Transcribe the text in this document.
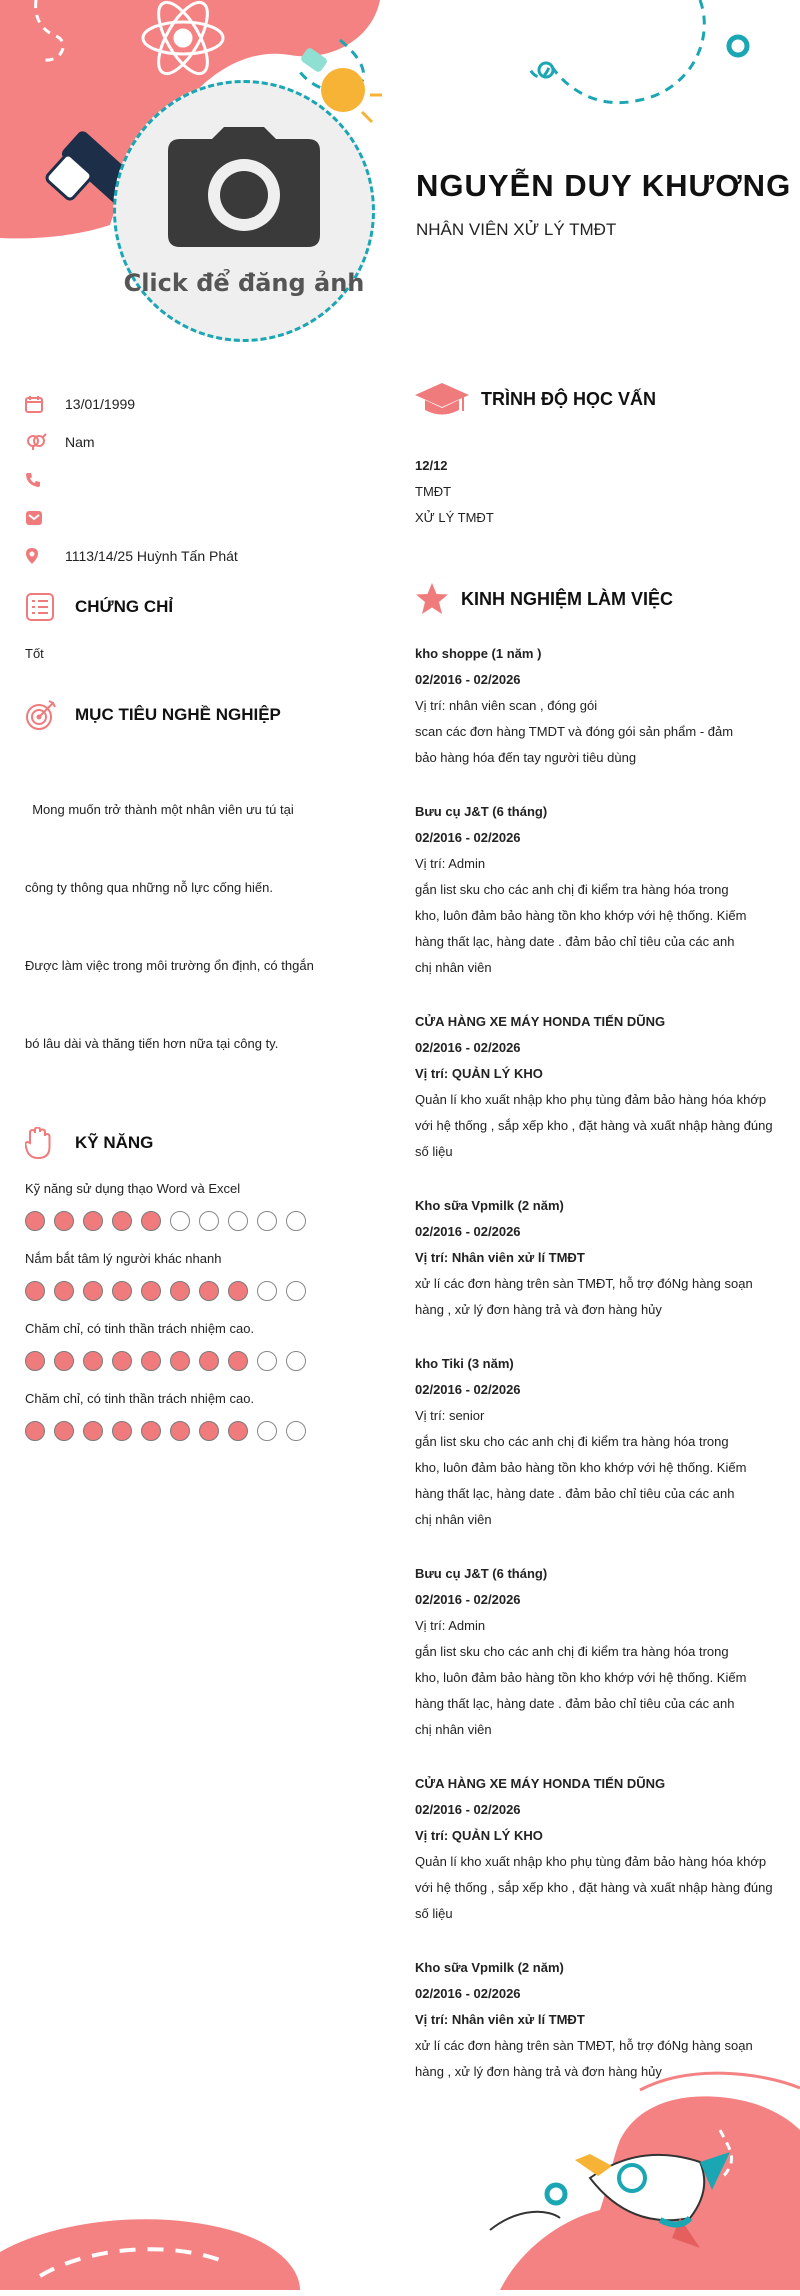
Click để đăng ảnh
NGUYỄN DUY KHƯƠNG
NHÂN VIÊN XỬ LÝ TMĐT
13/01/1999
Nam
1113/14/25 Huỳnh Tấn Phát
CHỨNG CHỈ
Tốt
MỤC TIÊU NGHỀ NGHIỆP

Mong muốn trở thành một nhân viên ưu tú tại

công ty thông qua những nỗ lực cống hiến.

Được làm việc trong môi trường ổn định, có thgắn

bó lâu dài và thăng tiến hơn nữa tại công ty.

KỸ NĂNG
Kỹ năng sử dụng thạo Word và Excel
Nắm bắt tâm lý người khác nhanh
Chăm chỉ, có tinh thần trách nhiệm cao.
Chăm chỉ, có tinh thần trách nhiệm cao.
TRÌNH ĐỘ HỌC VẤN
12/12
TMĐT
XỬ LÝ TMĐT
KINH NGHIỆM LÀM VIỆC
kho shoppe (1 năm )
02/2016 - 02/2026
Vị trí: nhân viên scan , đóng gói
scan các đơn hàng TMDT và đóng gói sản phẩm - đảm
bảo hàng hóa đến tay người tiêu dùng
Bưu cụ J&T (6 tháng)
02/2016 - 02/2026
Vị trí: Admin
gắn list sku cho các anh chị đi kiểm tra hàng hóa trong
kho, luôn đảm bảo hàng tồn kho khớp với hệ thống. Kiếm
hàng thất lạc, hàng date . đảm bảo chỉ tiêu của các anh
chị nhân viên
CỬA HÀNG XE MÁY HONDA TIẾN DŨNG
02/2016 - 02/2026
Vị trí: QUẢN LÝ KHO
Quản lí kho xuất nhập kho phụ tùng đảm bảo hàng hóa khớp
với hệ thống , sắp xếp kho , đặt hàng và xuất nhập hàng đúng
số liệu
Kho sữa Vpmilk (2 năm)
02/2016 - 02/2026
Vị trí: Nhân viên xử lí TMĐT
xử lí các đơn hàng trên sàn TMĐT, hỗ trợ đóNg hàng soạn
hàng , xử lý đơn hàng trả và đơn hàng hủy
kho Tiki (3 năm)
02/2016 - 02/2026
Vị trí: senior
gắn list sku cho các anh chị đi kiểm tra hàng hóa trong
kho, luôn đảm bảo hàng tồn kho khớp với hệ thống. Kiếm
hàng thất lạc, hàng date . đảm bảo chỉ tiêu của các anh
chị nhân viên
Bưu cụ J&T (6 tháng)
02/2016 - 02/2026
Vị trí: Admin
gắn list sku cho các anh chị đi kiểm tra hàng hóa trong
kho, luôn đảm bảo hàng tồn kho khớp với hệ thống. Kiếm
hàng thất lạc, hàng date . đảm bảo chỉ tiêu của các anh
chị nhân viên
CỬA HÀNG XE MÁY HONDA TIẾN DŨNG
02/2016 - 02/2026
Vị trí: QUẢN LÝ KHO
Quản lí kho xuất nhập kho phụ tùng đảm bảo hàng hóa khớp
với hệ thống , sắp xếp kho , đặt hàng và xuất nhập hàng đúng
số liệu
Kho sữa Vpmilk (2 năm)
02/2016 - 02/2026
Vị trí: Nhân viên xử lí TMĐT
xử lí các đơn hàng trên sàn TMĐT, hỗ trợ đóNg hàng soạn
hàng , xử lý đơn hàng trả và đơn hàng hủy
